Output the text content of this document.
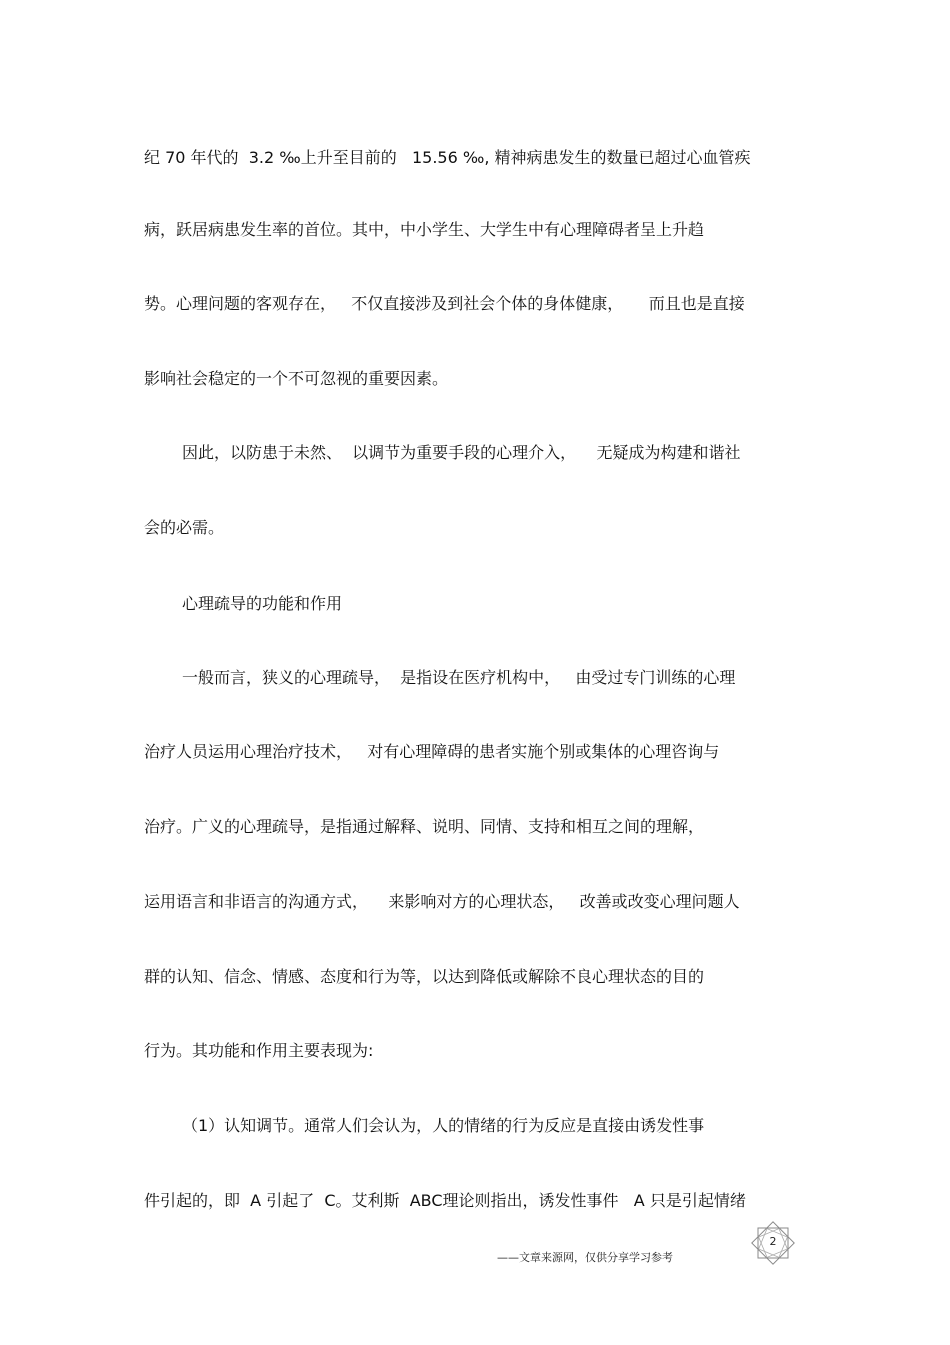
纪 70 年代的  3.2 ‰上升至目前的   15.56 ‰, 精神病患发生的数量已超过心血管疾

病，跃居病患发生率的首位。其中，中小学生、大学生中有心理障碍者呈上升趋

势。心理问题的客观存在，   不仅直接涉及到社会个体的身体健康，     而且也是直接

影响社会稳定的一个不可忽视的重要因素。

因此，以防患于未然、  以调节为重要手段的心理介入，    无疑成为构建和谐社

会的必需。

心理疏导的功能和作用

一般而言，狭义的心理疏导，  是指设在医疗机构中，   由受过专门训练的心理

治疗人员运用心理治疗技术，   对有心理障碍的患者实施个别或集体的心理咨询与

治疗。广义的心理疏导，是指通过解释、说明、同情、支持和相互之间的理解，

运用语言和非语言的沟通方式，    来影响对方的心理状态，   改善或改变心理问题人

群的认知、信念、情感、态度和行为等，以达到降低或解除不良心理状态的目的

行为。其功能和作用主要表现为:

（1）认知调节。通常人们会认为，人的情绪的行为反应是直接由诱发性事

件引起的，即  A 引起了  C。艾利斯  ABC理论则指出，诱发性事件   A 只是引起情绪

2
——文章来源网，仅供分享学习参考
